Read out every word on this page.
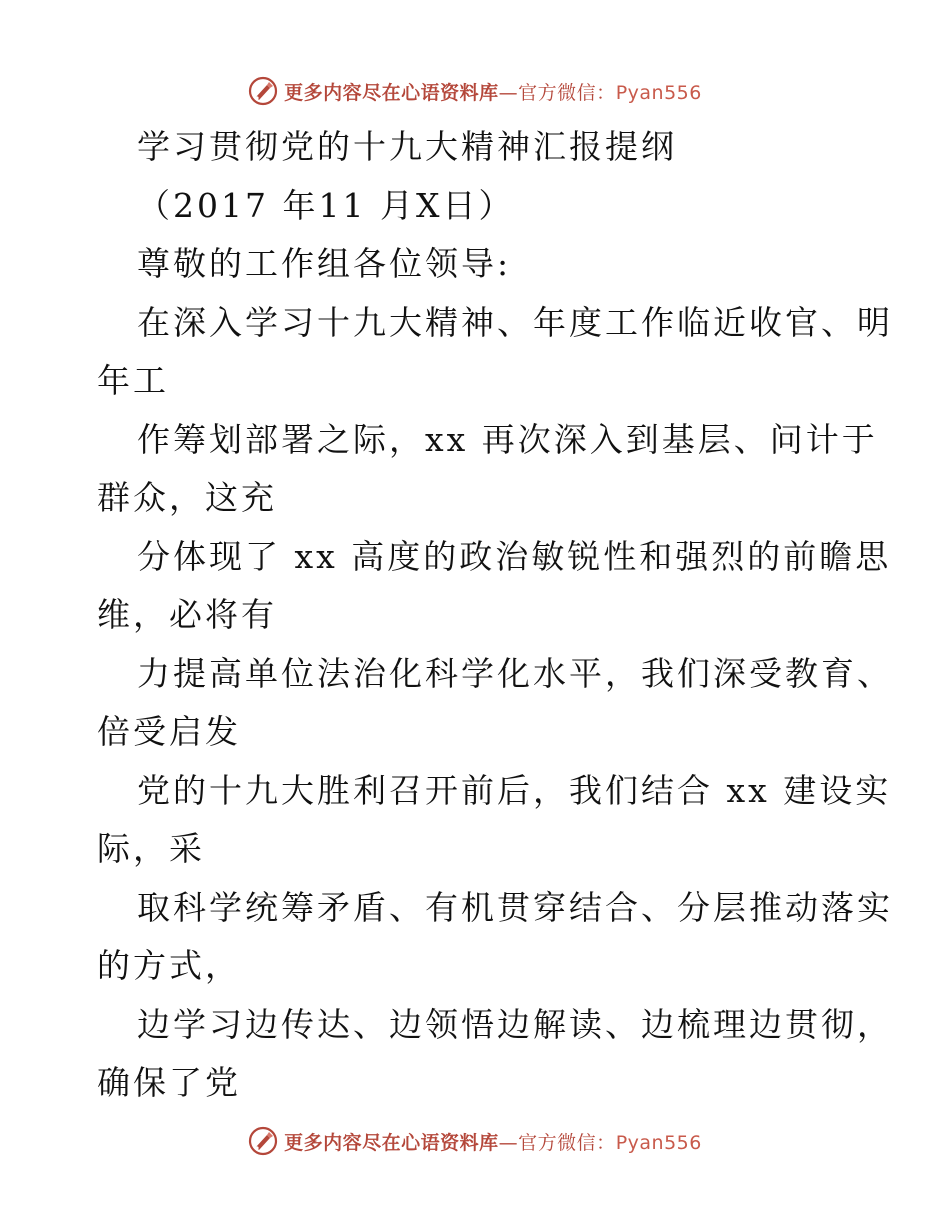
更多内容尽在心语资料库—官方微信：Pyan556
学习贯彻党的十九大精神汇报提纲
（2017 年11 月X日）
尊敬的工作组各位领导:
在深入学习十九大精神、年度工作临近收官、明
年工
作筹划部署之际，xx 再次深入到基层、问计于
群众，这充
分体现了 xx 高度的政治敏锐性和强烈的前瞻思
维，必将有
力提高单位法治化科学化水平，我们深受教育、
倍受启发
党的十九大胜利召开前后，我们结合 xx 建设实
际，采
取科学统筹矛盾、有机贯穿结合、分层推动落实
的方式，
边学习边传达、边领悟边解读、边梳理边贯彻，
确保了党
更多内容尽在心语资料库—官方微信：Pyan556
